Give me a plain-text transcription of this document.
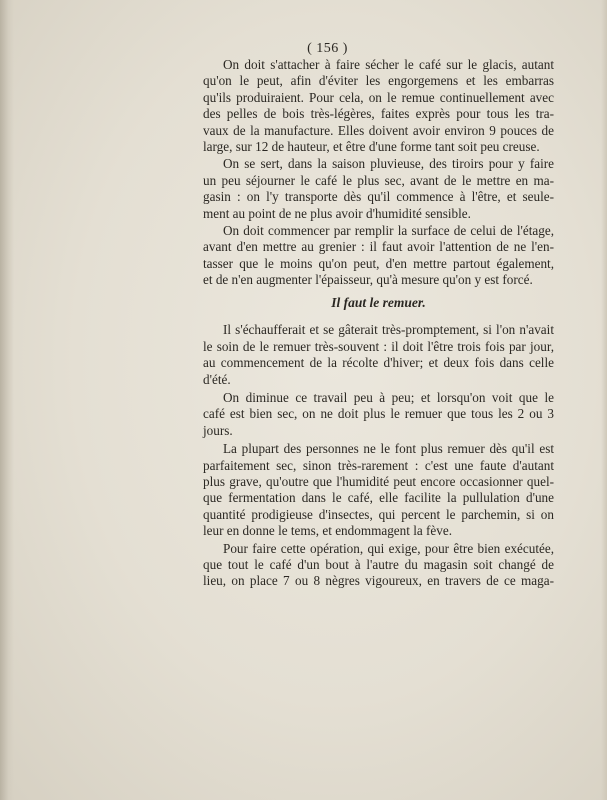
( 156 )

On doit s'attacher à faire sécher le café sur le glacis, autant
qu'on le peut, afin d'éviter les engorgemens et les embarras
qu'ils produiraient. Pour cela, on le remue continuellement avec
des pelles de bois très-légères, faites exprès pour tous les tra-
vaux de la manufacture. Elles doivent avoir environ 9 pouces de
large, sur 12 de hauteur, et être d'une forme tant soit peu creuse.

On se sert, dans la saison pluvieuse, des tiroirs pour y faire
un peu séjourner le café le plus sec, avant de le mettre en ma-
gasin : on l'y transporte dès qu'il commence à l'être, et seule-
ment au point de ne plus avoir d'humidité sensible.

On doit commencer par remplir la surface de celui de l'étage,
avant d'en mettre au grenier : il faut avoir l'attention de ne l'en-
tasser que le moins qu'on peut, d'en mettre partout également,
et de n'en augmenter l'épaisseur, qu'à mesure qu'on y est forcé.

Il faut le remuer.

Il s'échaufferait et se gâterait très-promptement, si l'on n'avait
le soin de le remuer très-souvent : il doit l'être trois fois par jour,
au commencement de la récolte d'hiver; et deux fois dans celle
d'été.

On diminue ce travail peu à peu; et lorsqu'on voit que le
café est bien sec, on ne doit plus le remuer que tous les 2 ou 3
jours.

La plupart des personnes ne le font plus remuer dès qu'il est
parfaitement sec, sinon très-rarement : c'est une faute d'autant
plus grave, qu'outre que l'humidité peut encore occasionner quel-
que fermentation dans le café, elle facilite la pullulation d'une
quantité prodigieuse d'insectes, qui percent le parchemin, si on
leur en donne le tems, et endommagent la fève.

Pour faire cette opération, qui exige, pour être bien exécutée,
que tout le café d'un bout à l'autre du magasin soit changé de
lieu, on place 7 ou 8 nègres vigoureux, en travers de ce maga-
